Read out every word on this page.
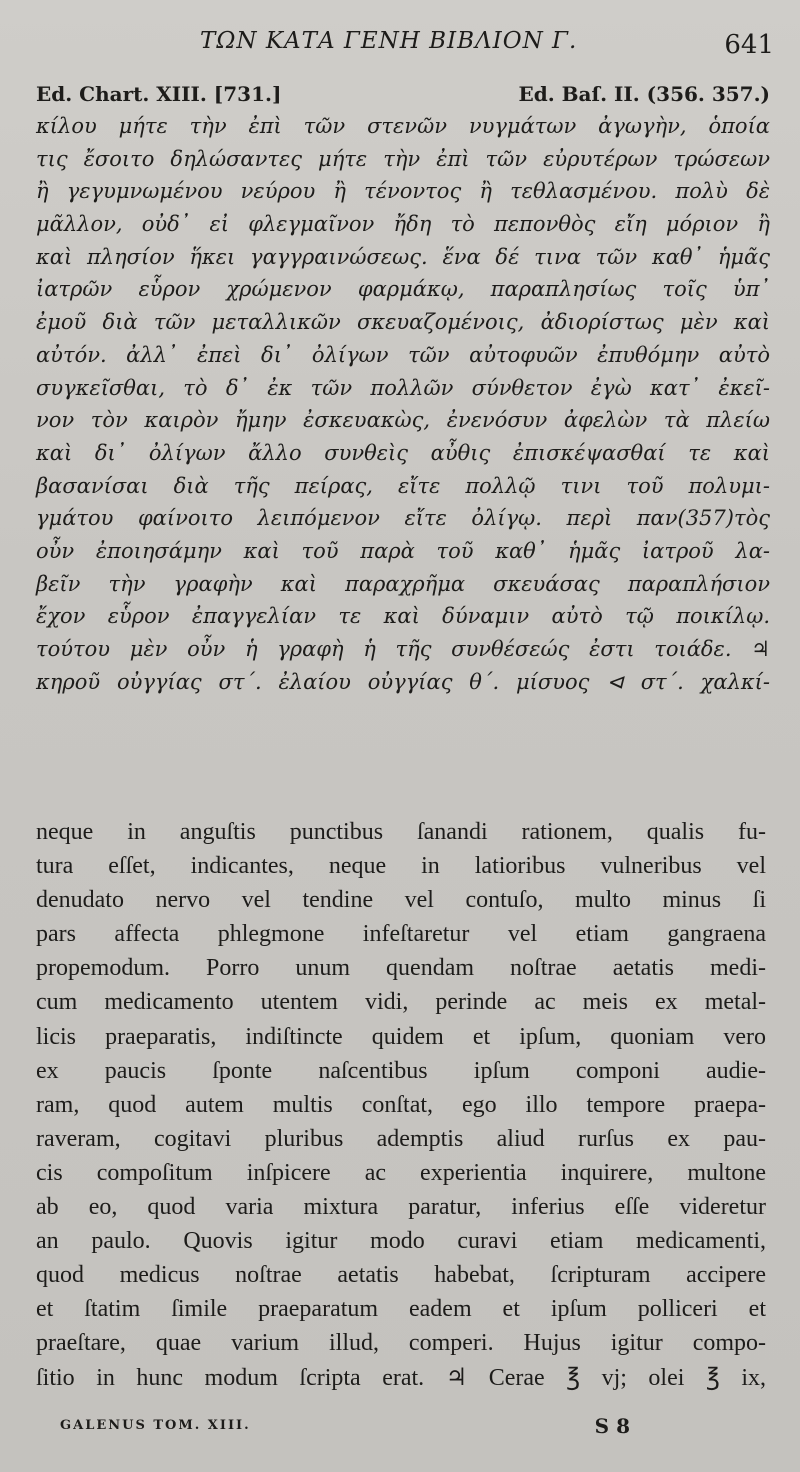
ΤΩΝ ΚΑΤΑ ΓΕΝΗ ΒΙΒΛΙΟΝ Γ.	641
Ed. Chart. XIII. [731.]	Ed. Baſ. II. (356. 357.)
κίλου μήτε τὴν ἐπὶ τῶν στενῶν νυγμάτων ἀγωγὴν, ὁποία
τις ἔσοιτο δηλώσαντες μήτε τὴν ἐπὶ τῶν εὐρυτέρων τρώσεων
ἢ γεγυμνωμένου νεύρου ἢ τένοντος ἢ τεθλασμένου. πολὺ δὲ
μᾶλλον, οὐδ᾽ εἰ φλεγμαῖνον ἤδη τὸ πεπονθὸς εἴη μόριον ἢ
καὶ πλησίον ἥκει γαγγραινώσεως. ἕνα δέ τινα τῶν καθ᾽ ἡμᾶς
ἰατρῶν εὗρον χρώμενον φαρμάκῳ, παραπλησίως τοῖς ὑπ᾽
ἐμοῦ διὰ τῶν μεταλλικῶν σκευαζομένοις, ἀδιορίστως μὲν καὶ
αὐτόν. ἀλλ᾽ ἐπεὶ δι᾽ ὀλίγων τῶν αὐτοφυῶν ἐπυθόμην αὐτὸ
συγκεῖσθαι, τὸ δ᾽ ἐκ τῶν πολλῶν σύνθετον ἐγὼ κατ᾽ ἐκεῖ-
νον τὸν καιρὸν ἤμην ἐσκευακὼς, ἐνενόσυν ἀφελὼν τὰ πλείω
καὶ δι᾽ ὀλίγων ἄλλο συνθεὶς αὖθις ἐπισκέψασθαί τε καὶ
βασανίσαι διὰ τῆς πείρας, εἴτε πολλῷ τινι τοῦ πολυμι-
γμάτου φαίνοιτο λειπόμενον εἴτε ὀλίγῳ. περὶ παν(357)τὸς
οὖν ἐποιησάμην καὶ τοῦ παρὰ τοῦ καθ᾽ ἡμᾶς ἰατροῦ λα-
βεῖν τὴν γραφὴν καὶ παραχρῆμα σκευάσας παραπλήσιον
ἔχον εὗρον ἐπαγγελίαν τε καὶ δύναμιν αὐτὸ τῷ ποικίλῳ.
τούτου μὲν οὖν ἡ γραφὴ ἡ τῆς συνθέσεώς ἐστι τοιάδε. ♃
κηροῦ οὐγγίας στ΄. ἐλαίου οὐγγίας θ΄. μίσυος ⊲ στ΄. χαλκί-
neque in anguſtis punctibus ſanandi rationem, qualis fu-
tura eſſet, indicantes, neque in latioribus vulneribus vel
denudato nervo vel tendine vel contuſo, multo minus ſi
pars affecta phlegmone infeſtaretur vel etiam gangraena
propemodum. Porro unum quendam noſtrae aetatis medi-
cum medicamento utentem vidi, perinde ac meis ex metal-
licis praeparatis, indiſtincte quidem et ipſum, quoniam vero
ex paucis ſponte naſcentibus ipſum componi audie-
ram, quod autem multis conſtat, ego illo tempore praepa-
raveram, cogitavi pluribus ademptis aliud rurſus ex pau-
cis compoſitum inſpicere ac experientia inquirere, multone
ab eo, quod varia mixtura paratur, inferius eſſe videretur
an paulo. Quovis igitur modo curavi etiam medicamenti,
quod medicus noſtrae aetatis habebat, ſcripturam accipere
et ſtatim ſimile praeparatum eadem et ipſum polliceri et
praeſtare, quae varium illud, comperi. Hujus igitur compo-
ſitio in hunc modum ſcripta erat. ♃ Cerae ℥ vj; olei ℥ ix,
GALENUS TOM. XIII.	S 8
